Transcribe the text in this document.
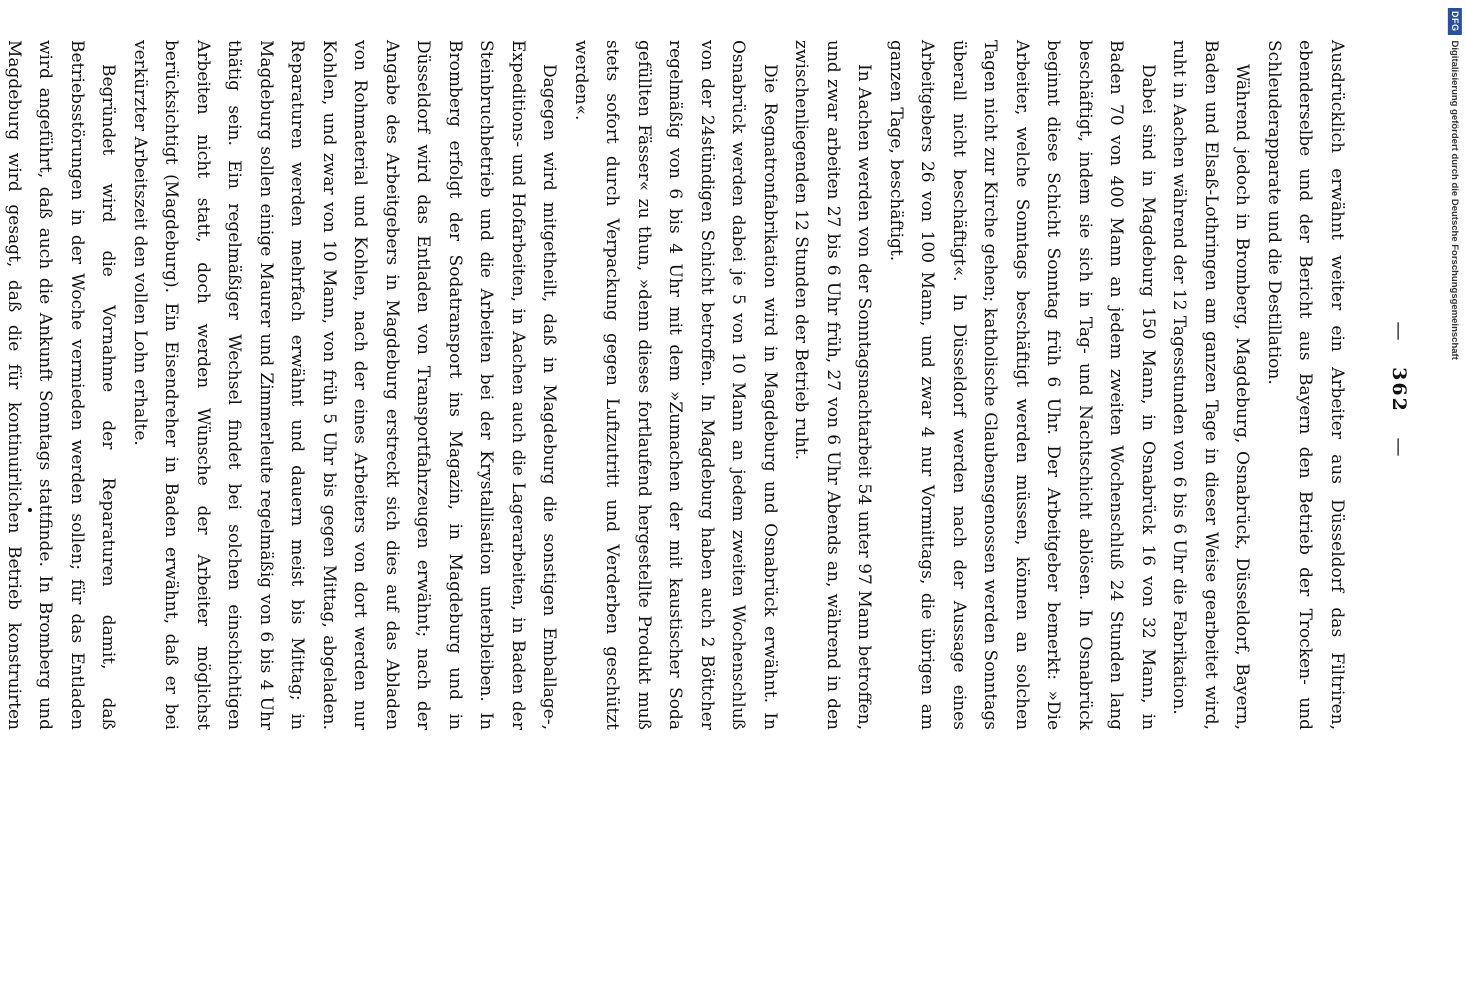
— 362 —

Ausdrücklich erwähnt weiter ein Arbeiter aus Düsseldorf das Filtriren, ebenderselbe und der Bericht aus Bayern den Betrieb der Trocken- und Schleuderapparate und die Destillation.

Während jedoch in Bromberg, Magdeburg, Osnabrück, Düsseldorf, Bayern, Baden und Elsaß-Lothringen am ganzen Tage in dieser Weise gearbeitet wird, ruht in Aachen während der 12 Tagesstunden von 6 bis 6 Uhr die Fabrikation.

Dabei sind in Magdeburg 150 Mann, in Osnabrück 16 von 32 Mann, in Baden 70 von 400 Mann an jedem zweiten Wochenschluß 24 Stunden lang beschäftigt, indem sie sich in Tag- und Nachtschicht ablösen. In Osnabrück beginnt diese Schicht Sonntag früh 6 Uhr. Der Arbeitgeber bemerkt: »Die Arbeiter, welche Sonntags beschäftigt werden müssen, können an solchen Tagen nicht zur Kirche gehen; katholische Glaubensgenossen werden Sonntags überall nicht beschäftigt«. In Düsseldorf werden nach der Aussage eines Arbeitgebers 26 von 100 Mann, und zwar 4 nur Vormittags, die übrigen am ganzen Tage, beschäftigt.

In Aachen werden von der Sonntagsnachtarbeit 54 unter 97 Mann betroffen, und zwar arbeiten 27 bis 6 Uhr früh, 27 von 6 Uhr Abends an, während in den zwischenliegenden 12 Stunden der Betrieb ruht.

Die Regnatronfabrikation wird in Magdeburg und Osnabrück erwähnt. In Osnabrück werden dabei je 5 von 10 Mann an jedem zweiten Wochenschluß von der 24stündigen Schicht betroffen. In Magdeburg haben auch 2 Böttcher regelmäßig von 6 bis 4 Uhr mit dem »Zumachen der mit kaustischer Soda gefüllten Fässer« zu thun, »denn dieses fortlaufend hergestellte Produkt muß stets sofort durch Verpackung gegen Luftzutritt und Verderben geschützt werden«.

Dagegen wird mitgetheilt, daß in Magdeburg die sonstigen Emballage-, Expeditions- und Hofarbeiten, in Aachen auch die Lagerarbeiten, in Baden der Steinbruchbetrieb und die Arbeiten bei der Krystallisation unterbleiben. In Bromberg erfolgt der Sodatransport ins Magazin, in Magdeburg und in Düsseldorf wird das Entladen von Transportfahrzeugen erwähnt; nach der Angabe des Arbeitgebers in Magdeburg erstreckt sich dies auf das Abladen von Rohmaterial und Kohlen, nach der eines Arbeiters von dort werden nur Kohlen, und zwar von 10 Mann, von früh 5 Uhr bis gegen Mittag, abgeladen. Reparaturen werden mehrfach erwähnt und dauern meist bis Mittag; in Magdeburg sollen einige Maurer und Zimmerleute regelmäßig von 6 bis 4 Uhr thätig sein. Ein regelmäßiger Wechsel findet bei solchen einschichtigen Arbeiten nicht statt, doch werden Wünsche der Arbeiter möglichst berücksichtigt (Magdeburg). Ein Eisendreher in Baden erwähnt, daß er bei verkürzter Arbeitszeit den vollen Lohn erhalte.

Begründet wird die Vornahme der Reparaturen damit, daß Betriebsstörungen in der Woche vermieden werden sollen; für das Entladen wird angeführt, daß auch die Ankunft Sonntags stattfinde. In Bromberg und Magdeburg wird gesagt, daß die für kontinuirlichen Betrieb konstruirten

DFG
Digitalisierung gefördert durch die Deutsche Forschungsgemeinschaft
